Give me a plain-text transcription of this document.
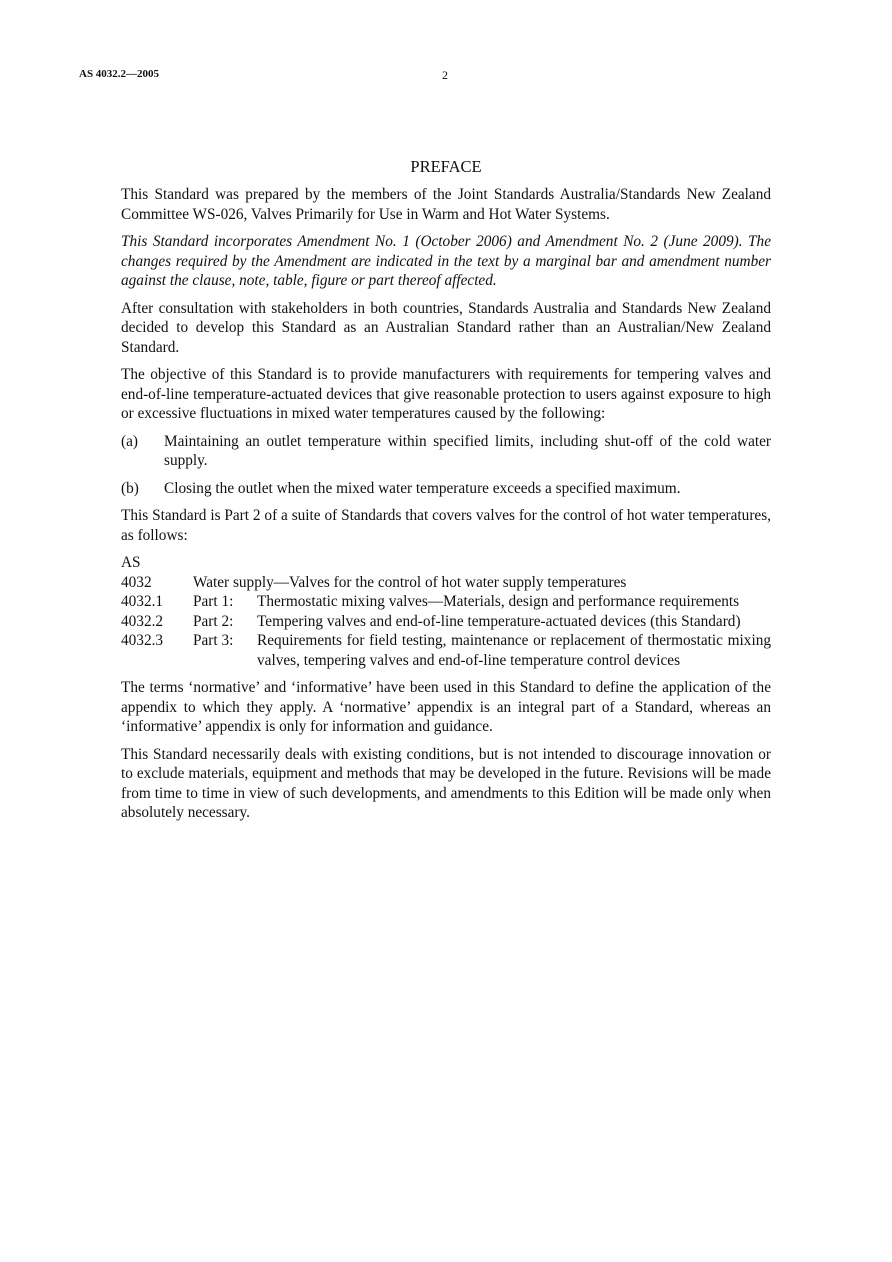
AS 4032.2—2005	2
PREFACE

This Standard was prepared by the members of the Joint Standards Australia/Standards New Zealand Committee WS-026, Valves Primarily for Use in Warm and Hot Water Systems.

This Standard incorporates Amendment No. 1 (October 2006) and Amendment No. 2 (June 2009). The changes required by the Amendment are indicated in the text by a marginal bar and amendment number against the clause, note, table, figure or part thereof affected.

After consultation with stakeholders in both countries, Standards Australia and Standards New Zealand decided to develop this Standard as an Australian Standard rather than an Australian/New Zealand Standard.

The objective of this Standard is to provide manufacturers with requirements for tempering valves and end-of-line temperature-actuated devices that give reasonable protection to users against exposure to high or excessive fluctuations in mixed water temperatures caused by the following:

(a)	Maintaining an outlet temperature within specified limits, including shut-off of the cold water supply.
(b)	Closing the outlet when the mixed water temperature exceeds a specified maximum.

This Standard is Part 2 of a suite of Standards that covers valves for the control of hot water temperatures, as follows:

AS
4032	Water supply—Valves for the control of hot water supply temperatures
4032.1	Part 1:	Thermostatic mixing valves—Materials, design and performance requirements
4032.2	Part 2:	Tempering valves and end-of-line temperature-actuated devices (this Standard)
4032.3	Part 3:	Requirements for field testing, maintenance or replacement of thermostatic mixing valves, tempering valves and end-of-line temperature control devices

The terms ‘normative’ and ‘informative’ have been used in this Standard to define the application of the appendix to which they apply. A ‘normative’ appendix is an integral part of a Standard, whereas an ‘informative’ appendix is only for information and guidance.

This Standard necessarily deals with existing conditions, but is not intended to discourage innovation or to exclude materials, equipment and methods that may be developed in the future. Revisions will be made from time to time in view of such developments, and amendments to this Edition will be made only when absolutely necessary.
